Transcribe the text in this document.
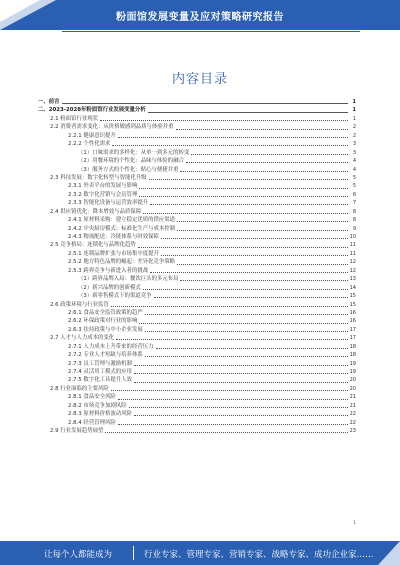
粉面馆发展变量及应对策略研究报告
内容目录
一、前言	1
二、2023-2028年粉面馆行业发展变量分析	1
2.1 粉面馆行业现状	1
2.2 消费者需求变化：从价格敏感到品质与体验并重	2
2.2.1 健康意识提升	2
2.2.2 个性化需求	3
（1）口味需求的多样化：从单一到多元的转变	3
（2）用餐环境的个性化：品味与体验的融合	4
（3）服务方式的个性化：贴心与便捷并重	4
2.3 科技发展：数字化转型与智能化升级	5
2.3.1 外卖平台的发展与影响	5
2.3.2 数字化营销与会员管理	6
2.3.3 智能化设备与运营效率提升	7
2.4 供应链优化：降本增效与品质保障	8
2.4.1 原材料采购：建立稳定优质的供应渠道	8
2.4.2 中央厨房模式：标准化生产与成本控制	9
2.4.3 物流配送：冷链体系与时效保障	10
2.5 竞争格局：连锁化与品牌化趋势	11
2.5.1 连锁品牌扩张与市场集中度提升	11
2.5.2 地方特色品牌的崛起：差异化竞争策略	12
2.5.3 跨界竞争与新进入者的挑战	12
（1）跨界品牌入局：餐饮巨头的多元布局	13
（2）新兴品牌的创新模式	14
（3）新零售模式下的渠道竞争	15
2.6 政策环境与行业监管	15
2.6.1 食品安全监管政策的趋严	16
2.6.2 环保政策对行业的影响	16
2.6.3 扶持政策与中小企业发展	17
2.7 人才与人力成本的变化	17
2.7.1 人力成本上升带来的经营压力	18
2.7.2 专业人才短缺与培养体系	18
2.7.3 员工管理与激励机制	19
2.7.4 灵活用工模式的应用	19
2.7.5 数字化工具提升人效	20
2.8 行业面临的主要风险	20
2.8.1 食品安全风险	21
2.8.2 市场竞争加剧风险	21
2.8.3 原材料价格波动风险	22
2.8.4 经营管理风险	22
2.9 行业发展趋势展望	23
1
让每个人都能成为	行业专家、管理专家、营销专家、战略专家、成功企业家……
